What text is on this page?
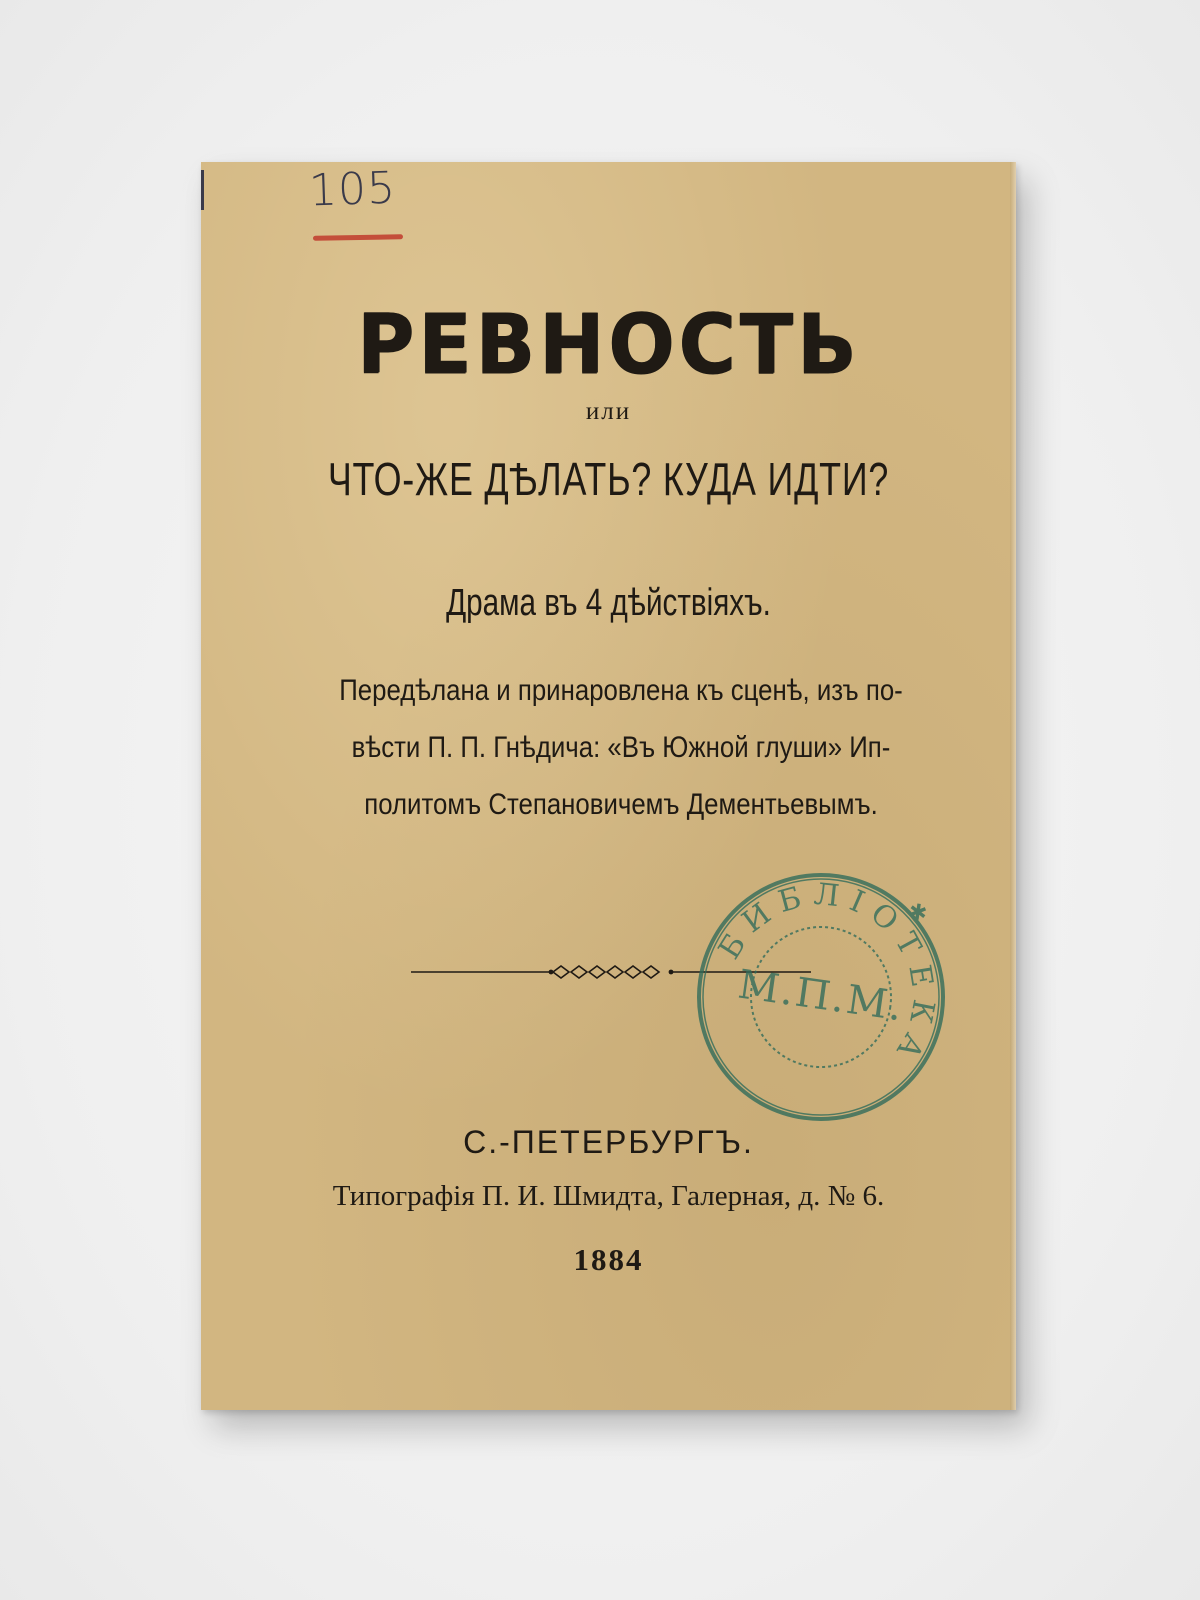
105
РЕВНОСТЬ
или
ЧТО-ЖЕ ДѢЛАТЬ? КУДА ИДТИ?
Драма въ 4 дѣйствіяхъ.
Передѣлана и принаровлена къ сценѣ, изъ по-
вѣсти П. П. Гнѣдича: «Въ Южной глуши» Ип-
политомъ Степановичемъ Дементьевымъ.
БИБЛІОТЕКА
✱
М.П.М.
С.-ПЕТЕРБУРГЪ.
Типографія П. И. Шмидта, Галерная, д. № 6.
1884
